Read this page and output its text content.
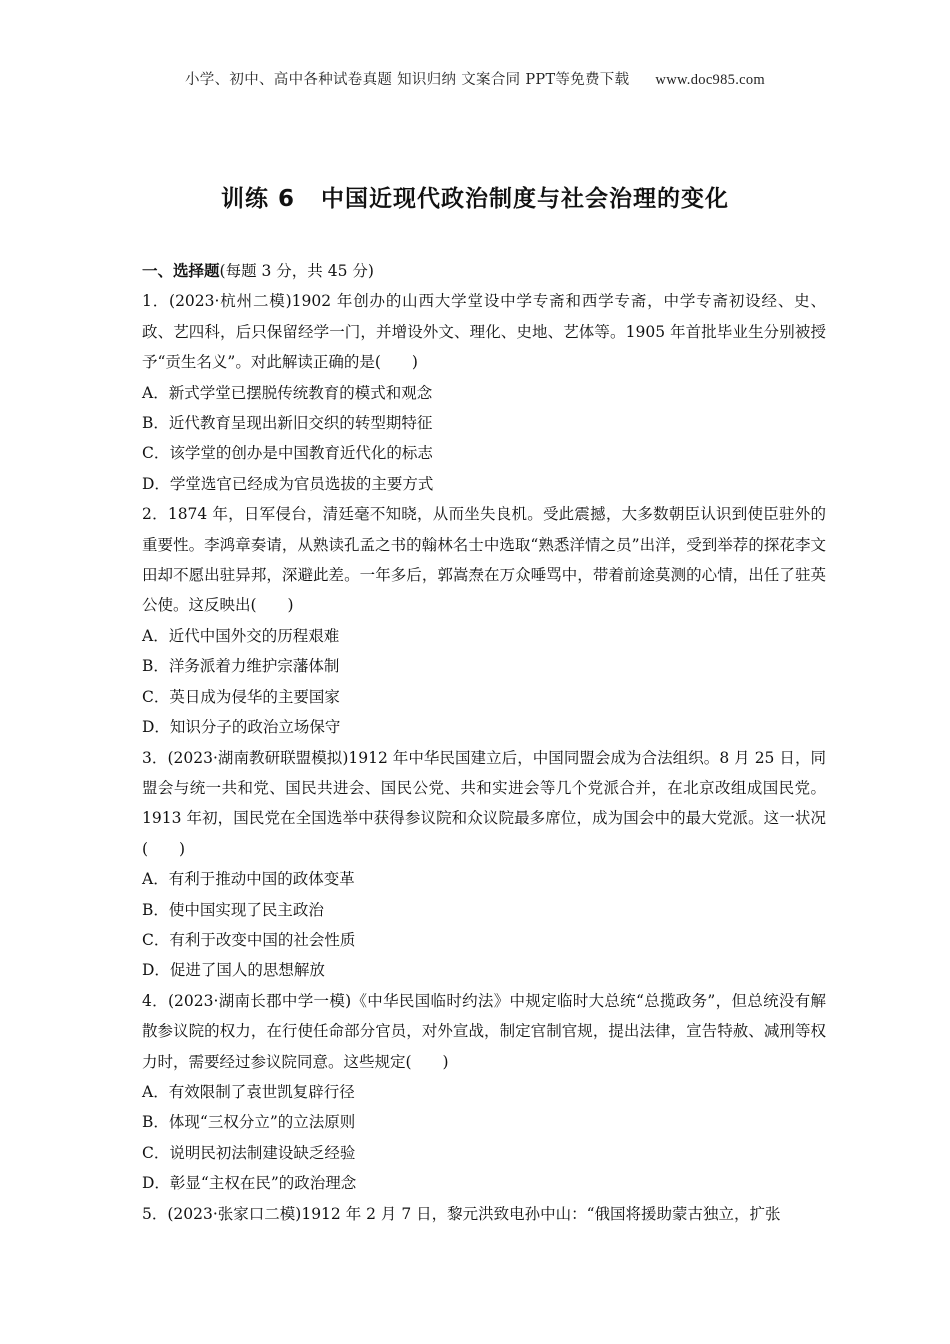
小学、初中、高中各种试卷真题 知识归纳 文案合同 PPT等免费下载 www.doc985.com
训练 6 中国近现代政治制度与社会治理的变化
一、选择题(每题 3 分，共 45 分)
1．(2023·杭州二模)1902 年创办的山西大学堂设中学专斋和西学专斋，中学专斋初设经、史、政、艺四科，后只保留经学一门，并增设外文、理化、史地、艺体等。1905 年首批毕业生分别被授予“贡生名义”。对此解读正确的是(　　)
A．新式学堂已摆脱传统教育的模式和观念
B．近代教育呈现出新旧交织的转型期特征
C．该学堂的创办是中国教育近代化的标志
D．学堂选官已经成为官员选拔的主要方式
2．1874 年，日军侵台，清廷毫不知晓，从而坐失良机。受此震撼，大多数朝臣认识到使臣驻外的重要性。李鸿章奏请，从熟读孔孟之书的翰林名士中选取“熟悉洋情之员”出洋，受到举荐的探花李文田却不愿出驻异邦，深避此差。一年多后，郭嵩焘在万众唾骂中，带着前途莫测的心情，出任了驻英公使。这反映出(　　)
A．近代中国外交的历程艰难
B．洋务派着力维护宗藩体制
C．英日成为侵华的主要国家
D．知识分子的政治立场保守
3．(2023·湖南教研联盟模拟)1912 年中华民国建立后，中国同盟会成为合法组织。8 月 25 日，同盟会与统一共和党、国民共进会、国民公党、共和实进会等几个党派合并，在北京改组成国民党。1913 年初，国民党在全国选举中获得参议院和众议院最多席位，成为国会中的最大党派。这一状况(　　)
A．有利于推动中国的政体变革
B．使中国实现了民主政治
C．有利于改变中国的社会性质
D．促进了国人的思想解放
4．(2023·湖南长郡中学一模)《中华民国临时约法》中规定临时大总统“总揽政务”，但总统没有解散参议院的权力，在行使任命部分官员，对外宣战，制定官制官规，提出法律，宣告特赦、减刑等权力时，需要经过参议院同意。这些规定(　　)
A．有效限制了袁世凯复辟行径
B．体现“三权分立”的立法原则
C．说明民初法制建设缺乏经验
D．彰显“主权在民”的政治理念
5．(2023·张家口二模)1912 年 2 月 7 日，黎元洪致电孙中山：“俄国将援助蒙古独立，扩张
